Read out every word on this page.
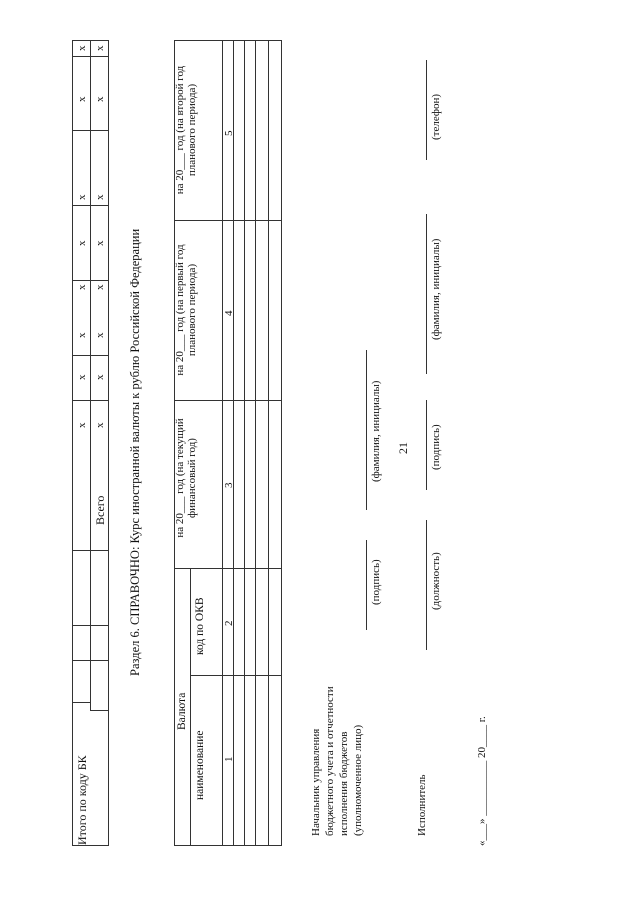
21
Итого по коду БК
Всего
x x
x x
x x
x x
x x
x x
x x
x x Раздел 6. СПРАВОЧНО: Курс иностранной валюты к рублю Российской Федерации
Валюта
наименование
код по ОКВ
на 20___ год (на текущий финансовый год)
на 20___ год (на первый год планового периода)
на 20___ год (на второй год планового периода)
1
2
3
4
5
Начальник управления бюджетного учета и отчетности исполнения бюджетов (уполномоченное лицо)
(подпись)
(фамилия, инициалы)
Исполнитель
(должность)
(подпись)
(фамилия, инициалы)
(телефон)
«___» __________ 20____ г.
